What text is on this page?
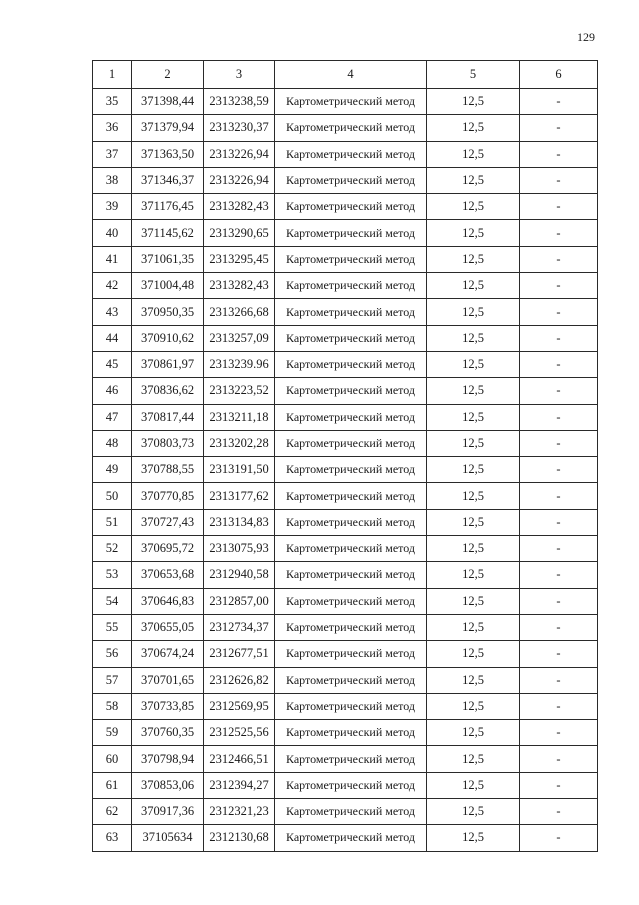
129
1	2	3	4	5	6
35	371398,44	2313238,59	Картометрический метод	12,5	-
36	371379,94	2313230,37	Картометрический метод	12,5	-
37	371363,50	2313226,94	Картометрический метод	12,5	-
38	371346,37	2313226,94	Картометрический метод	12,5	-
39	371176,45	2313282,43	Картометрический метод	12,5	-
40	371145,62	2313290,65	Картометрический метод	12,5	-
41	371061,35	2313295,45	Картометрический метод	12,5	-
42	371004,48	2313282,43	Картометрический метод	12,5	-
43	370950,35	2313266,68	Картометрический метод	12,5	-
44	370910,62	2313257,09	Картометрический метод	12,5	-
45	370861,97	2313239.96	Картометрический метод	12,5	-
46	370836,62	2313223,52	Картометрический метод	12,5	-
47	370817,44	2313211,18	Картометрический метод	12,5	-
48	370803,73	2313202,28	Картометрический метод	12,5	-
49	370788,55	2313191,50	Картометрический метод	12,5	-
50	370770,85	2313177,62	Картометрический метод	12,5	-
51	370727,43	2313134,83	Картометрический метод	12,5	-
52	370695,72	2313075,93	Картометрический метод	12,5	-
53	370653,68	2312940,58	Картометрический метод	12,5	-
54	370646,83	2312857,00	Картометрический метод	12,5	-
55	370655,05	2312734,37	Картометрический метод	12,5	-
56	370674,24	2312677,51	Картометрический метод	12,5	-
57	370701,65	2312626,82	Картометрический метод	12,5	-
58	370733,85	2312569,95	Картометрический метод	12,5	-
59	370760,35	2312525,56	Картометрический метод	12,5	-
60	370798,94	2312466,51	Картометрический метод	12,5	-
61	370853,06	2312394,27	Картометрический метод	12,5	-
62	370917,36	2312321,23	Картометрический метод	12,5	-
63	37105634	2312130,68	Картометрический метод	12,5	-
